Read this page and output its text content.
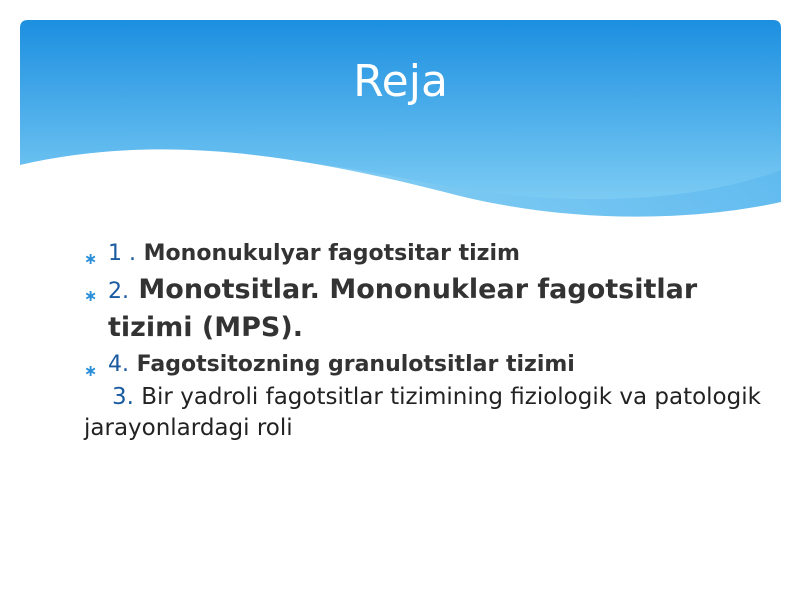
Reja

∗ 1 . Mononukulyar fagotsitar tizim

∗ 2. Monotsitlar. Mononuklear fagotsitlar tizimi (MPS).

∗ 4. Fagotsitozning granulotsitlar tizimi

3. Bir yadroli fagotsitlar tizimining fiziologik va patologik jarayonlardagi roli
